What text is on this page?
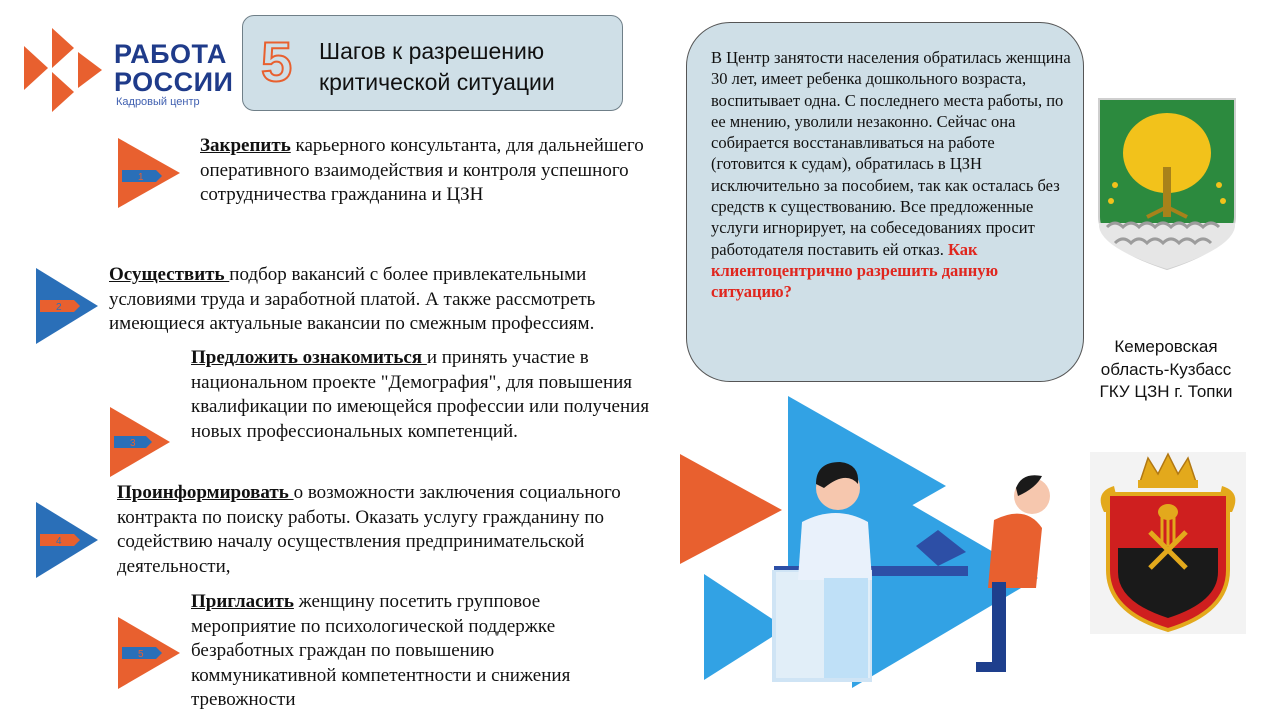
РАБОТА
РОССИИ
Кадровый центр
5 Шагов к разрешению критической ситуации
1
2
3
4
5
Закрепить карьерного консультанта, для дальнейшего оперативного взаимодействия и контроля успешного сотрудничества гражданина и ЦЗН
Осуществить подбор вакансий с более привлекательными условиями труда и заработной платой. А также рассмотреть имеющиеся актуальные вакансии по смежным профессиям.
Предложить ознакомиться и принять участие в национальном проекте "Демография", для повышения квалификации по имеющейся профессии или получения новых профессиональных компетенций.
Проинформировать о возможности заключения социального контракта по поиску работы. Оказать услугу гражданину по содействию началу осуществления предпринимательской деятельности,
Пригласить женщину посетить групповое мероприятие по психологической поддержке безработных граждан по повышению коммуникативной компетентности и снижения тревожности
В Центр занятости населения обратилась женщина 30 лет, имеет ребенка дошкольного возраста, воспитывает одна. С последнего места работы, по ее мнению, уволили незаконно. Сейчас она собирается восстанавливаться на работе (готовится к судам), обратилась в ЦЗН исключительно за пособием, так как осталась без средств к существованию. Все предложенные услуги игнорирует, на собеседованиях просит работодателя поставить ей отказ. Как клиентоцентрично разрешить данную ситуацию?
Кемеровская
область-Кузбасс
ГКУ ЦЗН г. Топки
